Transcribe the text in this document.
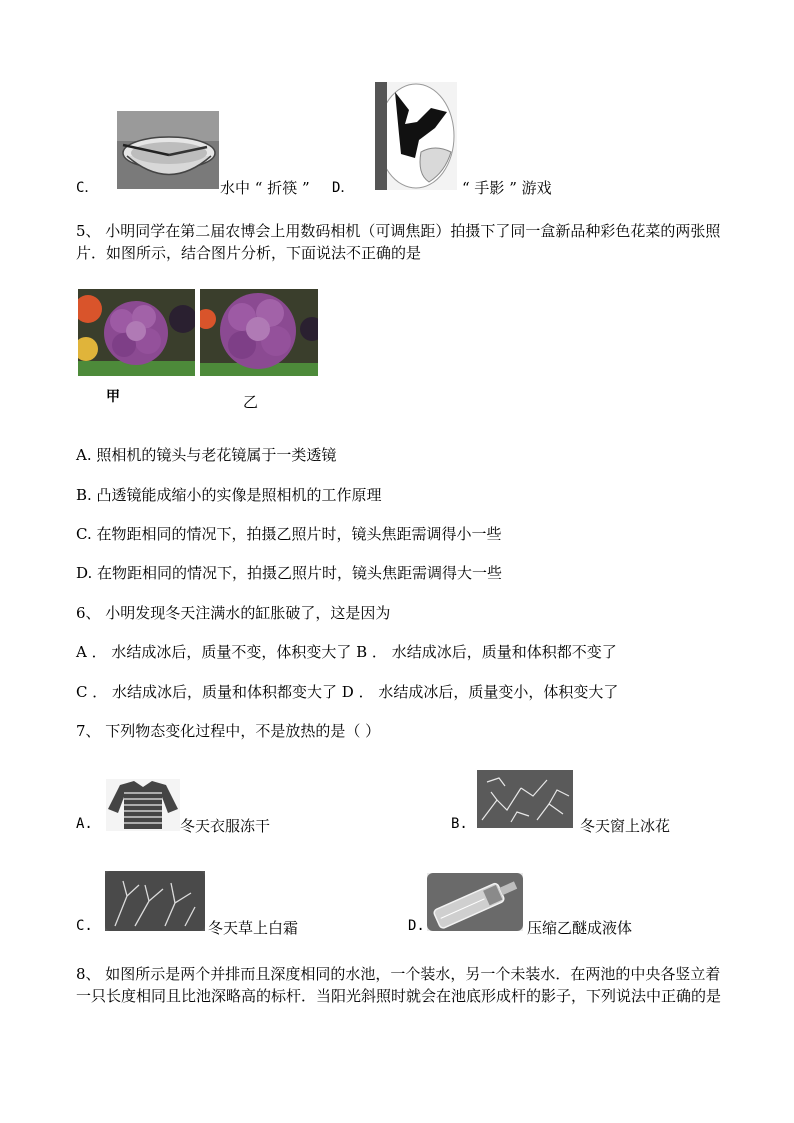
C．	水中 “ 折筷 ” D．	“ 手影 ” 游戏
5、 小明同学在第二届农博会上用数码相机（可调焦距）拍摄下了同一盒新品种彩色花菜的两张照片．如图所示，结合图片分析，下面说法不正确的是
甲	乙
A. 照相机的镜头与老花镜属于一类透镜
B. 凸透镜能成缩小的实像是照相机的工作原理
C. 在物距相同的情况下，拍摄乙照片时，镜头焦距需调得小一些
D. 在物距相同的情况下，拍摄乙照片时，镜头焦距需调得大一些
6、 小明发现冬天注满水的缸胀破了，这是因为
A ． 水结成冰后，质量不变，体积变大了 B ． 水结成冰后，质量和体积都不变了
C ． 水结成冰后，质量和体积都变大了 D ． 水结成冰后，质量变小，体积变大了
7、 下列物态变化过程中，不是放热的是（ ）
A.	冬天衣服冻干	B.	冬天窗上冰花
C.	冬天草上白霜	D.	压缩乙醚成液体
8、 如图所示是两个并排而且深度相同的水池，一个装水，另一个未装水．在两池的中央各竖立着一只长度相同且比池深略高的标杆．当阳光斜照时就会在池底形成杆的影子，下列说法中正确的是
